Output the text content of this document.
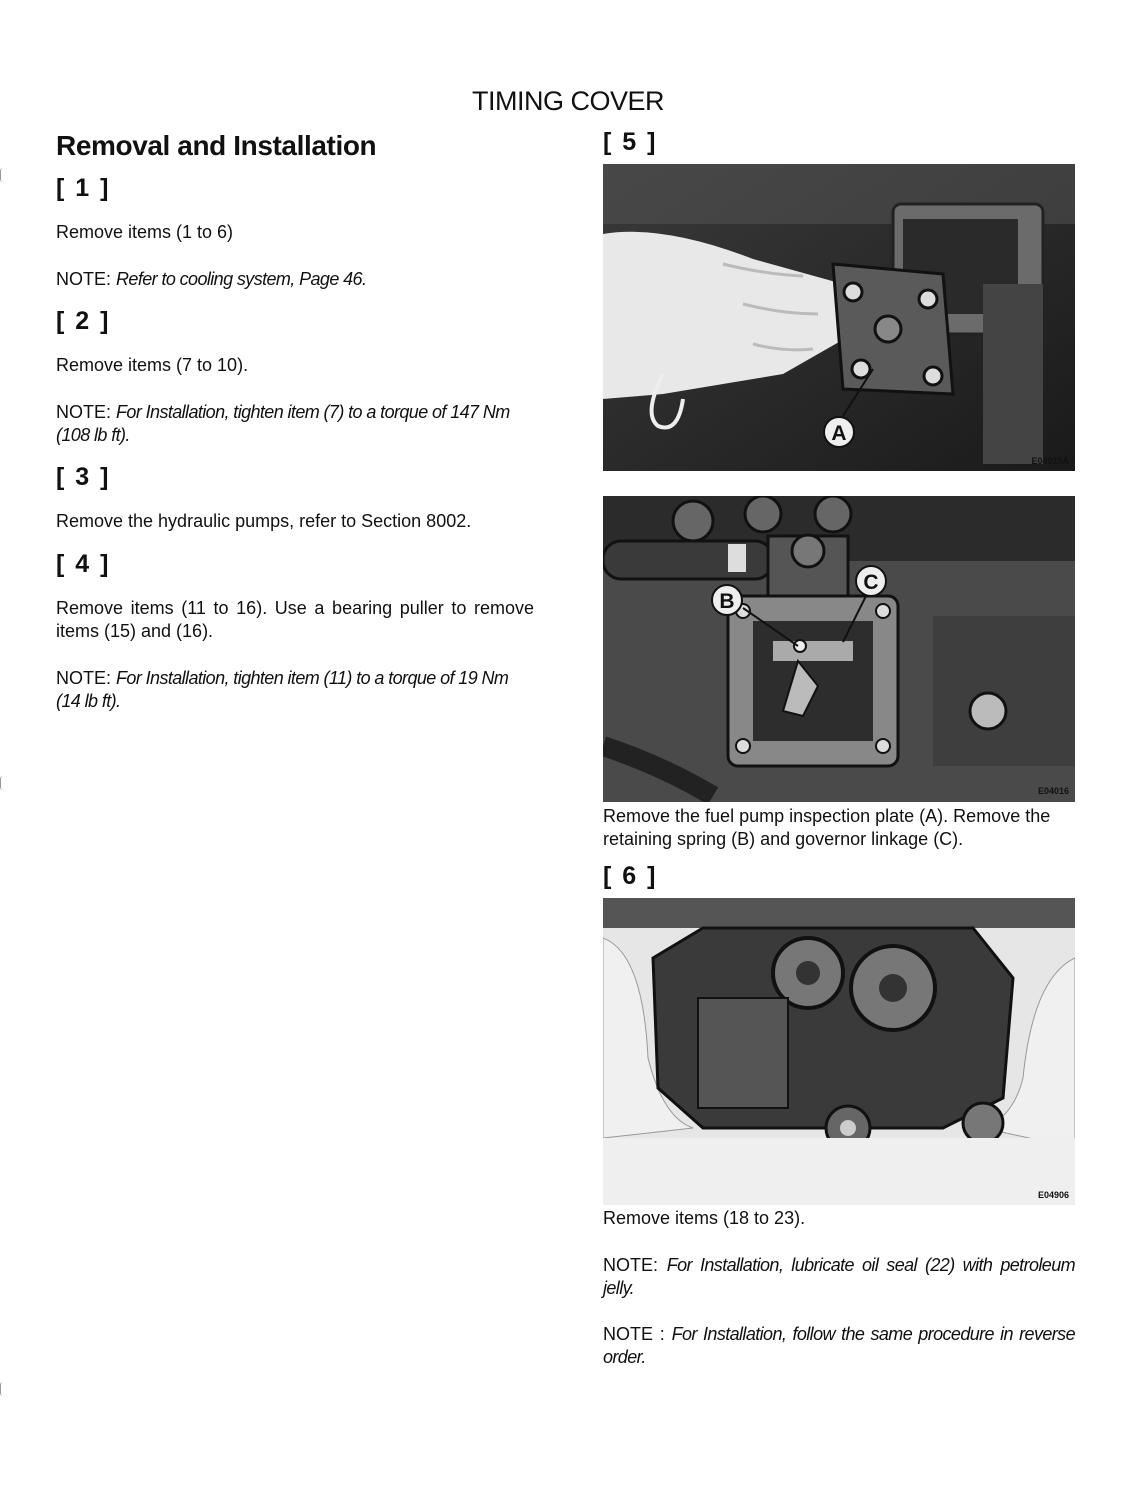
TIMING COVER
Removal and Installation
[ 1 ]

Remove items (1 to 6)

NOTE: Refer to cooling system, Page 46.

[ 2 ]

Remove items (7 to 10).

NOTE: For Installation, tighten item (7) to a torque of 147 Nm (108 lb ft).

[ 3 ]

Remove the hydraulic pumps, refer to Section 8002.

[ 4 ]

Remove items (11 to 16). Use a bearing puller to remove items (15) and (16).

NOTE: For Installation, tighten item (11) to a torque of 19 Nm (14 lb ft).

[ 5 ]
A
E04015A
B
C
E04016

Remove the fuel pump inspection plate (A). Remove the retaining spring (B) and governor linkage (C).

[ 6 ]
E04906

Remove items (18 to 23).

NOTE: For Installation, lubricate oil seal (22) with petroleum jelly.

NOTE : For Installation, follow the same procedure in reverse order.
